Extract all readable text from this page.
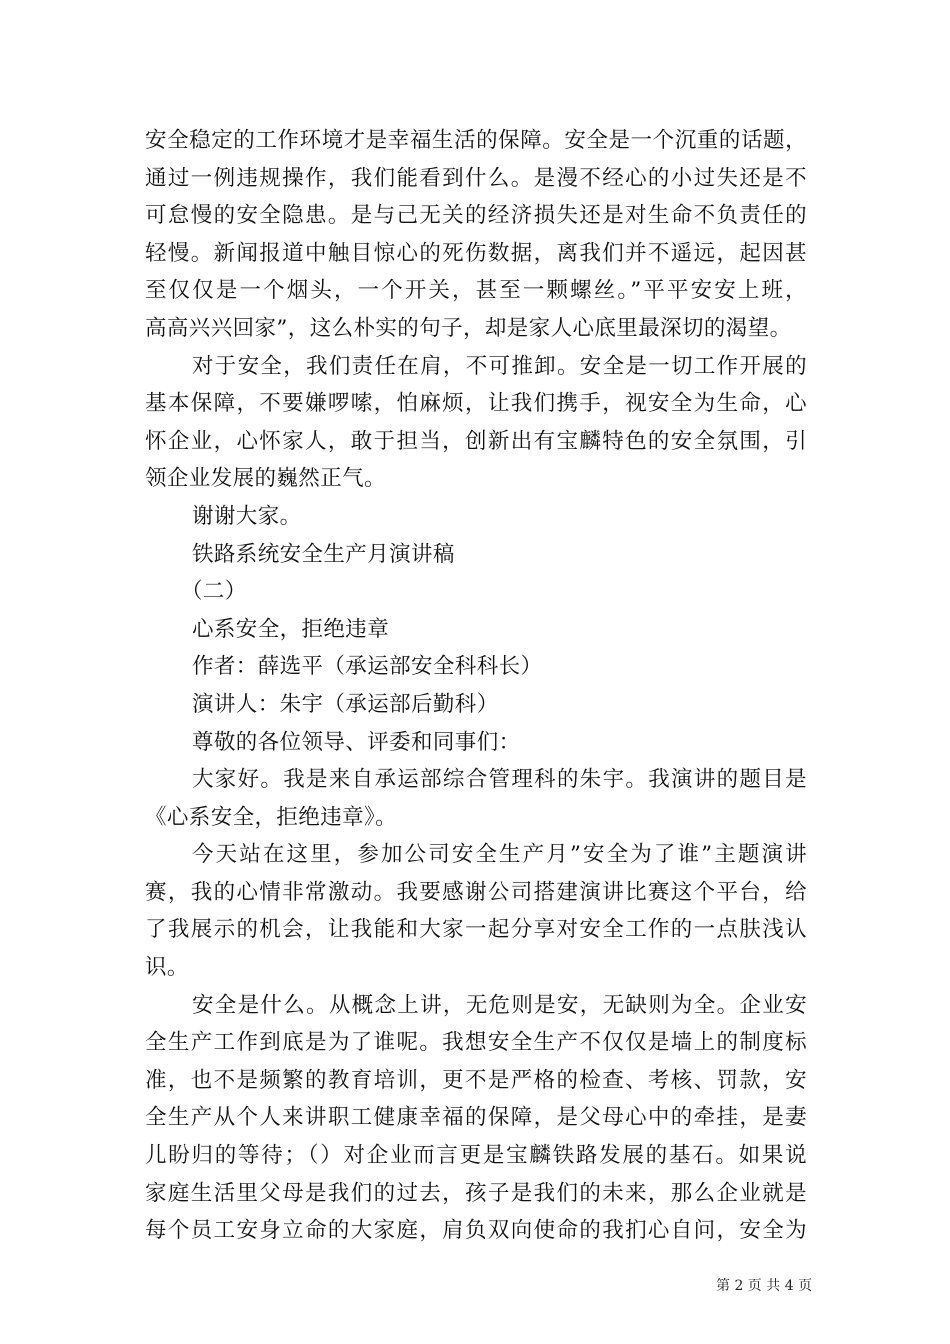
安全稳定的工作环境才是幸福生活的保障。安全是一个沉重的话题，
通过一例违规操作，我们能看到什么。是漫不经心的小过失还是不
可怠慢的安全隐患。是与己无关的经济损失还是对生命不负责任的
轻慢。新闻报道中触目惊心的死伤数据，离我们并不遥远，起因甚
至仅仅是一个烟头，一个开关，甚至一颗螺丝。”平平安安上班，
高高兴兴回家”，这么朴实的句子，却是家人心底里最深切的渴望。
对于安全，我们责任在肩，不可推卸。安全是一切工作开展的
基本保障，不要嫌啰嗦，怕麻烦，让我们携手，视安全为生命，心
怀企业，心怀家人，敢于担当，创新出有宝麟特色的安全氛围，引
领企业发展的巍然正气。
谢谢大家。
铁路系统安全生产月演讲稿
（二）
心系安全，拒绝违章
作者：薛选平（承运部安全科科长）
演讲人：朱宇（承运部后勤科）
尊敬的各位领导、评委和同事们：
大家好。我是来自承运部综合管理科的朱宇。我演讲的题目是
《心系安全，拒绝违章》。
今天站在这里，参加公司安全生产月”安全为了谁”主题演讲
赛，我的心情非常激动。我要感谢公司搭建演讲比赛这个平台，给
了我展示的机会，让我能和大家一起分享对安全工作的一点肤浅认
识。
安全是什么。从概念上讲，无危则是安，无缺则为全。企业安
全生产工作到底是为了谁呢。我想安全生产不仅仅是墙上的制度标
准，也不是频繁的教育培训，更不是严格的检查、考核、罚款，安
全生产从个人来讲职工健康幸福的保障，是父母心中的牵挂，是妻
儿盼归的等待；（）对企业而言更是宝麟铁路发展的基石。如果说
家庭生活里父母是我们的过去，孩子是我们的未来，那么企业就是
每个员工安身立命的大家庭，肩负双向使命的我扪心自问，安全为
第 2 页 共 4 页
